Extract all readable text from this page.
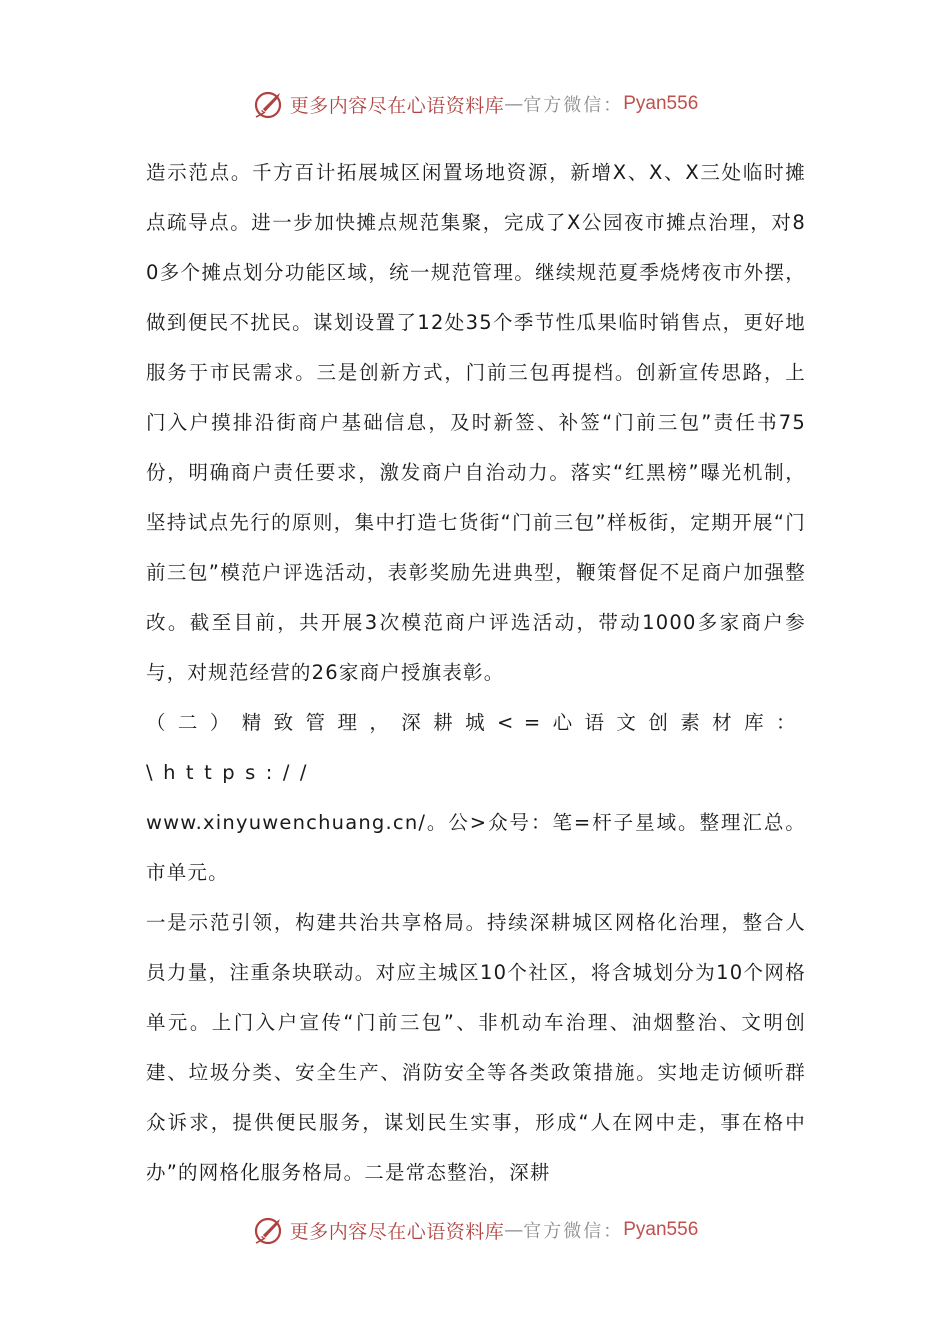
更多内容尽在心语资料库 — 官方微信： Pyan556

造示范点。千方百计拓展城区闲置场地资源，新增X、X、X三处临时摊点疏导点。进一步加快摊点规范集聚，完成了X公园夜市摊点治理，对80多个摊点划分功能区域，统一规范管理。继续规范夏季烧烤夜市外摆，做到便民不扰民。谋划设置了12处35个季节性瓜果临时销售点，更好地服务于市民需求。三是创新方式，门前三包再提档。创新宣传思路，上门入户摸排沿街商户基础信息，及时新签、补签“门前三包”责任书75份，明确商户责任要求，激发商户自治动力。落实“红黑榜”曝光机制，坚持试点先行的原则，集中打造七货街“门前三包”样板街，定期开展“门前三包”模范户评选活动，表彰奖励先进典型，鞭策督促不足商户加强整改。截至目前，共开展3次模范商户评选活动，带动1000多家商户参与，对规范经营的26家商户授旗表彰。

（二）精致管理，深耕城<=心语文创素材库：\https://

www.xinyuwenchuang.cn/。公>众号：笔=杆子星域。整理汇总。市单元。

一是示范引领，构建共治共享格局。持续深耕城区网格化治理，整合人员力量，注重条块联动。对应主城区10个社区，将含城划分为10个网格单元。上门入户宣传“门前三包”、非机动车治理、油烟整治、文明创建、垃圾分类、安全生产、消防安全等各类政策措施。实地走访倾听群众诉求，提供便民服务，谋划民生实事，形成“人在网中走，事在格中办”的网格化服务格局。二是常态整治，深耕

更多内容尽在心语资料库 — 官方微信： Pyan556
